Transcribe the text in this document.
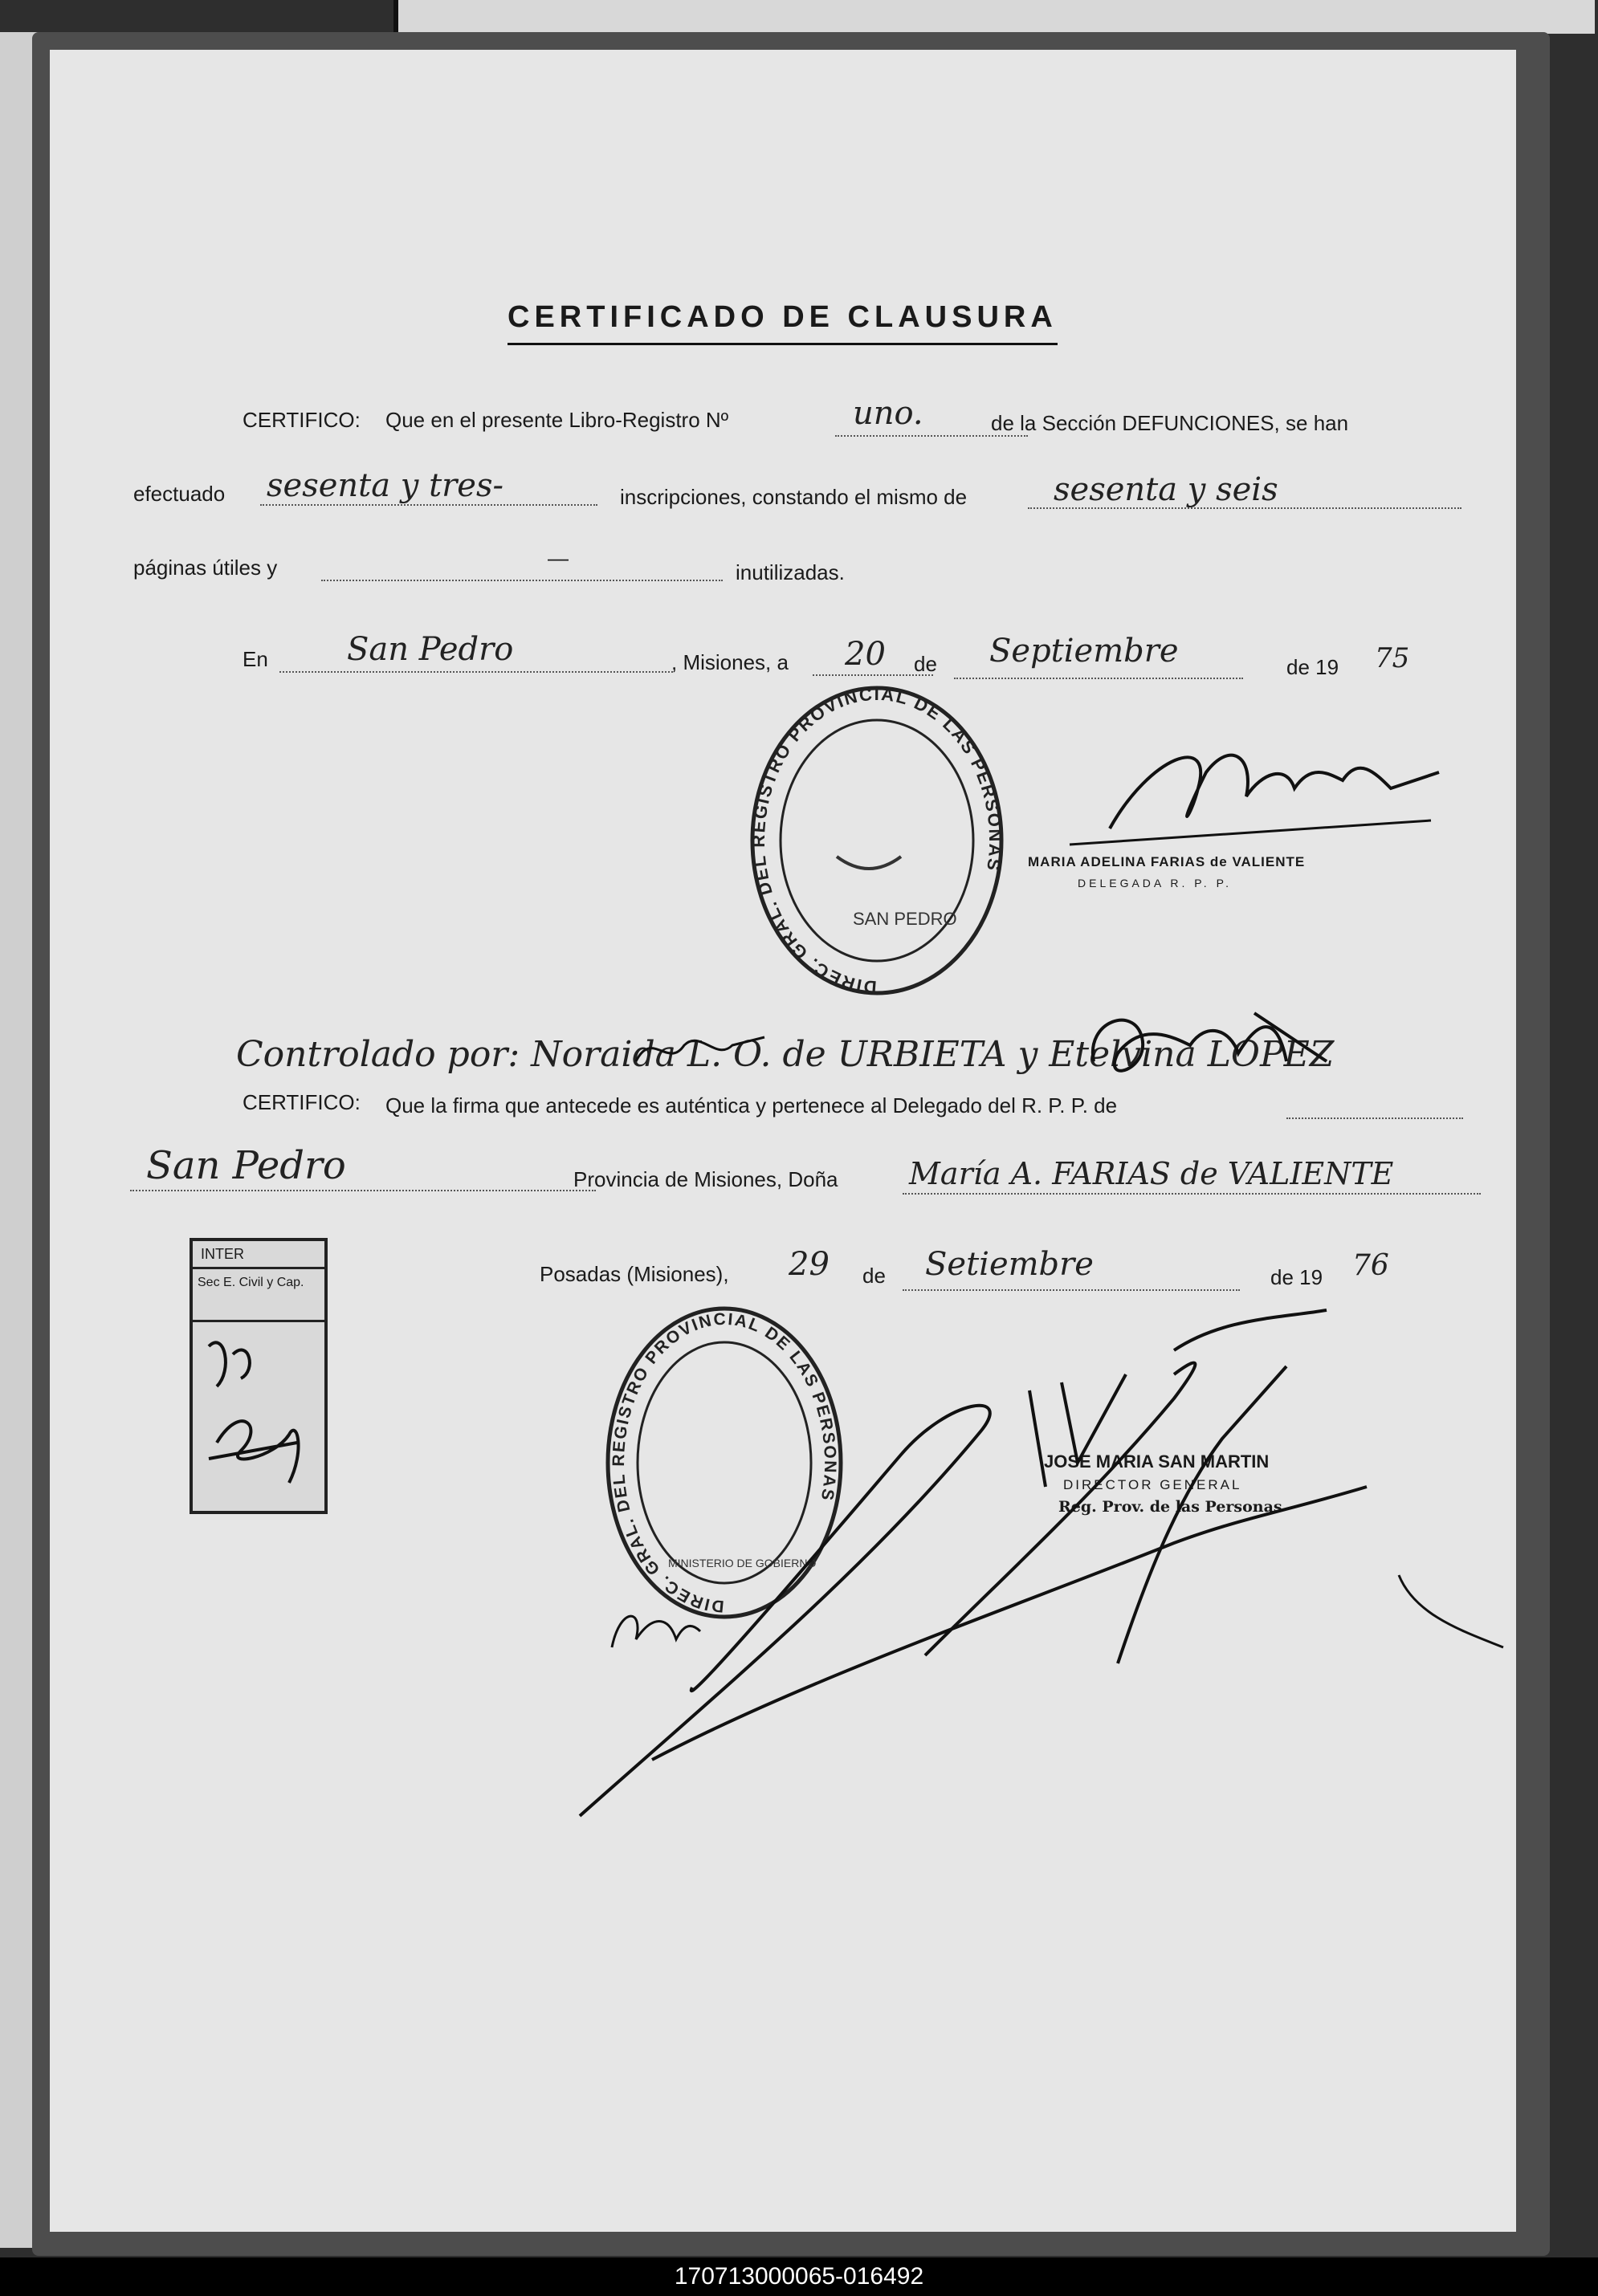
CERTIFICADO DE CLAUSURA
CERTIFICO: Que en el presente Libro-Registro Nº	uno.	de la Sección DEFUNCIONES, se han
efectuado sesenta y tres-	inscripciones, constando el mismo de	sesenta y seis
páginas útiles y	—
inutilizadas.
En San Pedro	, Misiones, a 20 de Septiembre	de 19 75
DIREC. GRAL. DEL REGISTRO PROVINCIAL DE LAS PERSONAS
SAN PEDRO
MARIA ADELINA FARIAS de VALIENTE
DELEGADA R. P. P.
Controlado por: Noraida L. O. de URBIETA y Etelvina LOPEZ
CERTIFICO: Que la firma que antecede es auténtica y pertenece al Delegado del R. P. P. de
San Pedro	Provincia de Misiones, Doña María A. FARIAS de VALIENTE
Posadas (Misiones), 29 de Setiembre	de 19 76
INTER
Sec E. Civil y Cap.
DIREC. GRAL. DEL REGISTRO PROVINCIAL DE LAS PERSONAS
MINISTERIO DE GOBIERNO
JOSE MARIA SAN MARTIN
DIRECTOR GENERAL
Reg. Prov. de las Personas
170713000065-016492
